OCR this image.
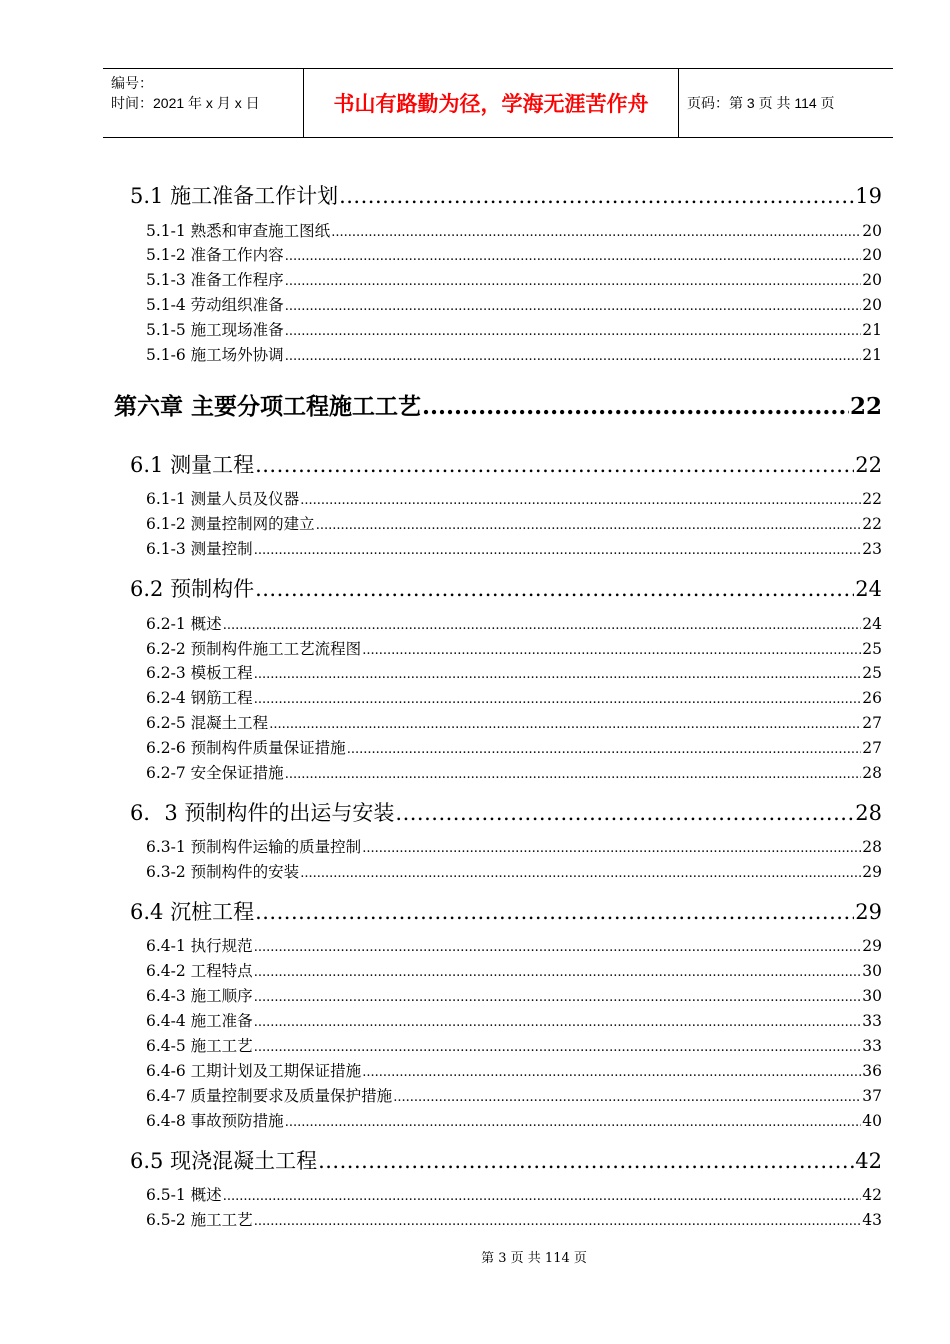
编号：
时间：2021 年 x 月 x 日	书山有路勤为径，学海无涯苦作舟	页码：第 3 页 共 114 页
5.1 施工准备工作计划 .....	19
5.1-1 熟悉和审查施工图纸 .....	20
5.1-2 准备工作内容 .....	20
5.1-3 准备工作程序 .....	20
5.1-4 劳动组织准备 .....	20
5.1-5 施工现场准备 .....	21
5.1-6 施工场外协调 .....	21
第六章 主要分项工程施工工艺 .....	22
6.1 测量工程 .....	22
6.1-1 测量人员及仪器 .....	22
6.1-2 测量控制网的建立 .....	22
6.1-3 测量控制 .....	23
6.2 预制构件 .....	24
6.2-1 概述 .....	24
6.2-2 预制构件施工工艺流程图 .....	25
6.2-3 模板工程 .....	25
6.2-4 钢筋工程 .....	26
6.2-5 混凝土工程 .....	27
6.2-6 预制构件质量保证措施 .....	27
6.2-7 安全保证措施 .....	28
6．3 预制构件的出运与安装 .....	28
6.3-1 预制构件运输的质量控制 .....	28
6.3-2 预制构件的安装 .....	29
6.4 沉桩工程 .....	29
6.4-1 执行规范 .....	29
6.4-2 工程特点 .....	30
6.4-3 施工顺序 .....	30
6.4-4 施工准备 .....	33
6.4-5 施工工艺 .....	33
6.4-6 工期计划及工期保证措施 .....	36
6.4-7 质量控制要求及质量保护措施 .....	37
6.4-8 事故预防措施 .....	40
6.5 现浇混凝土工程 .....	42
6.5-1 概述 .....	42
6.5-2 施工工艺 .....	43
第 3 页 共 114 页
